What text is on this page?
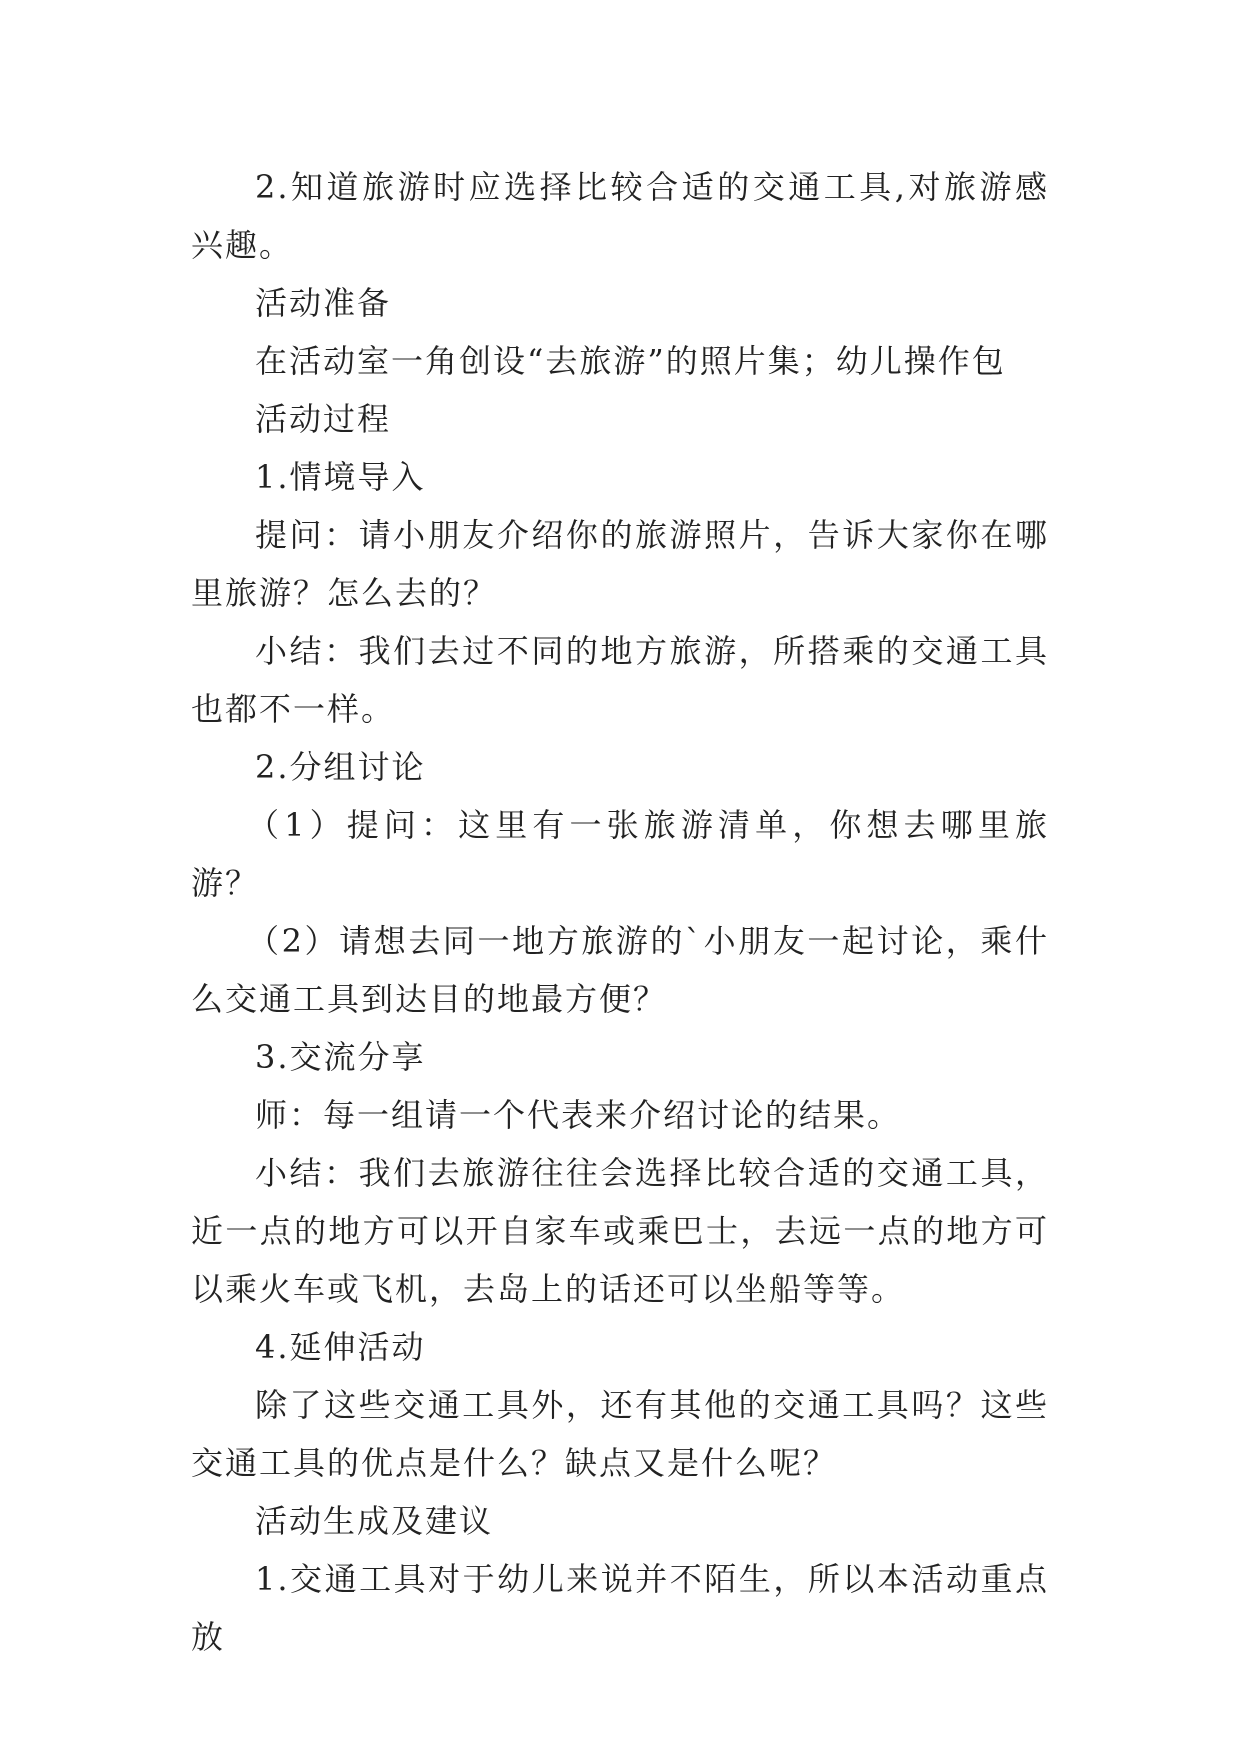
2.知道旅游时应选择比较合适的交通工具,对旅游感兴趣。

活动准备

在活动室一角创设“去旅游”的照片集；幼儿操作包

活动过程

1.情境导入

提问：请小朋友介绍你的旅游照片，告诉大家你在哪里旅游？怎么去的？

小结：我们去过不同的地方旅游，所搭乘的交通工具也都不一样。

2.分组讨论

（1）提问：这里有一张旅游清单，你想去哪里旅游？

（2）请想去同一地方旅游的`小朋友一起讨论，乘什么交通工具到达目的地最方便？

3.交流分享

师：每一组请一个代表来介绍讨论的结果。

小结：我们去旅游往往会选择比较合适的交通工具，近一点的地方可以开自家车或乘巴士，去远一点的地方可以乘火车或飞机，去岛上的话还可以坐船等等。

4.延伸活动

除了这些交通工具外，还有其他的交通工具吗？这些交通工具的优点是什么？缺点又是什么呢？

活动生成及建议

1.交通工具对于幼儿来说并不陌生，所以本活动重点放
